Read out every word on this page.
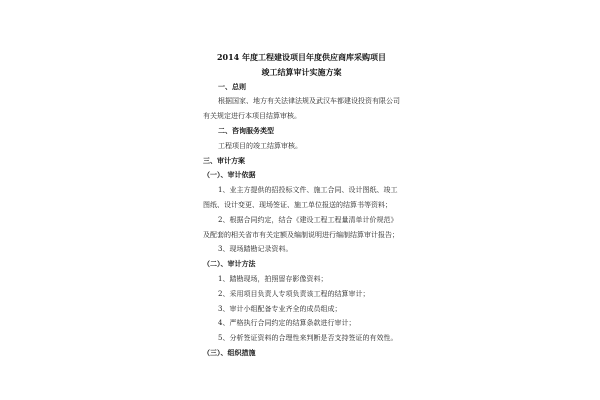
2014 年度工程建设项目年度供应商库采购项目
竣工结算审计实施方案
一、总则
根据国家、地方有关法律法规及武汉车都建设投资有限公司
有关规定进行本项目结算审核。
二、咨询服务类型
工程项目的竣工结算审核。
三、审计方案
（一）、审计依据
1、业主方提供的招投标文件、施工合同、设计图纸、竣工
图纸、设计变更、现场签证、施工单位报送的结算书等资料；
2、根据合同约定，结合《建设工程工程量清单计价规范》
及配套的相关省市有关定额及编制说明进行编制结算审计报告；
3、现场踏勘记录资料。
（二）、审计方法
1、踏勘现场，拍照留存影像资料；
2、采用项目负责人专项负责该工程的结算审计；
3、审计小组配备专业齐全的成员组成；
4、严格执行合同约定的结算条款进行审计；
5、分析签证资料的合理性来判断是否支持签证的有效性。
（三）、组织措施
